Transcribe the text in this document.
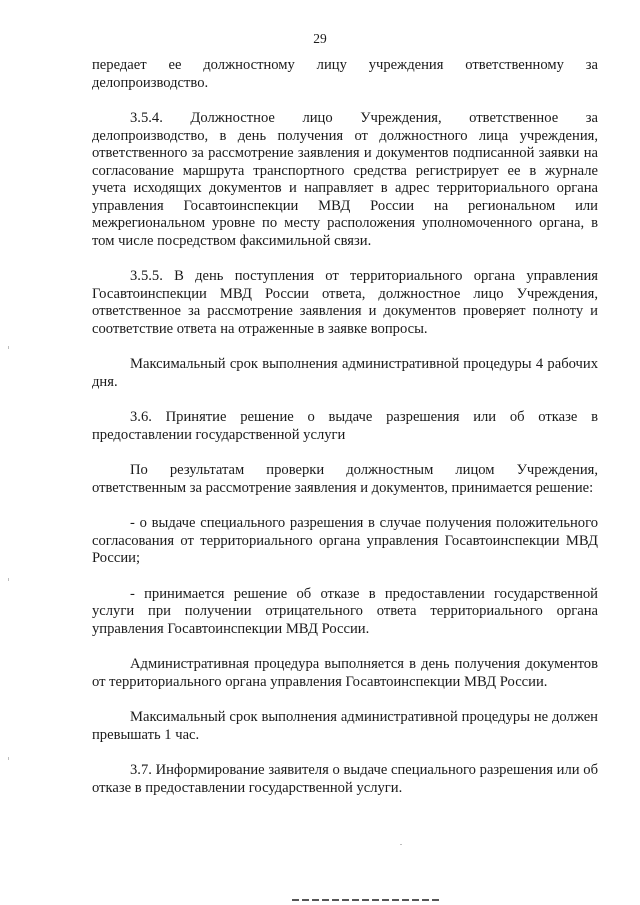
29

передает ее должностному лицу учреждения ответственному за делопроизводство.

3.5.4. Должностное лицо Учреждения, ответственное за делопроизводство, в день получения от должностного лица учреждения, ответственного за рассмотрение заявления и документов подписанной заявки на согласование маршрута транспортного средства регистрирует ее в журнале учета исходящих документов и направляет в адрес территориального органа управления Госавтоинспекции МВД России на региональном или межрегиональном уровне по месту расположения уполномоченного органа, в том числе посредством факсимильной связи.

3.5.5. В день поступления от территориального органа управления Госавтоинспекции МВД России ответа, должностное лицо Учреждения, ответственное за рассмотрение заявления и документов проверяет полноту и соответствие ответа на отраженные в заявке вопросы.

Максимальный срок выполнения административной процедуры 4 рабочих дня.

3.6. Принятие решение о выдаче разрешения или об отказе в предоставлении государственной услуги

По результатам проверки должностным лицом Учреждения, ответственным за рассмотрение заявления и документов, принимается решение:

- о выдаче специального разрешения в случае получения положительного согласования от территориального органа управления Госавтоинспекции МВД России;

- принимается решение об отказе в предоставлении государственной услуги при получении отрицательного ответа территориального органа управления Госавтоинспекции МВД России.

Административная процедура выполняется в день получения документов от территориального органа управления Госавтоинспекции МВД России.

Максимальный срок выполнения административной процедуры не должен превышать 1 час.

3.7. Информирование заявителя о выдаче специального разрешения или об отказе в предоставлении государственной услуги.
